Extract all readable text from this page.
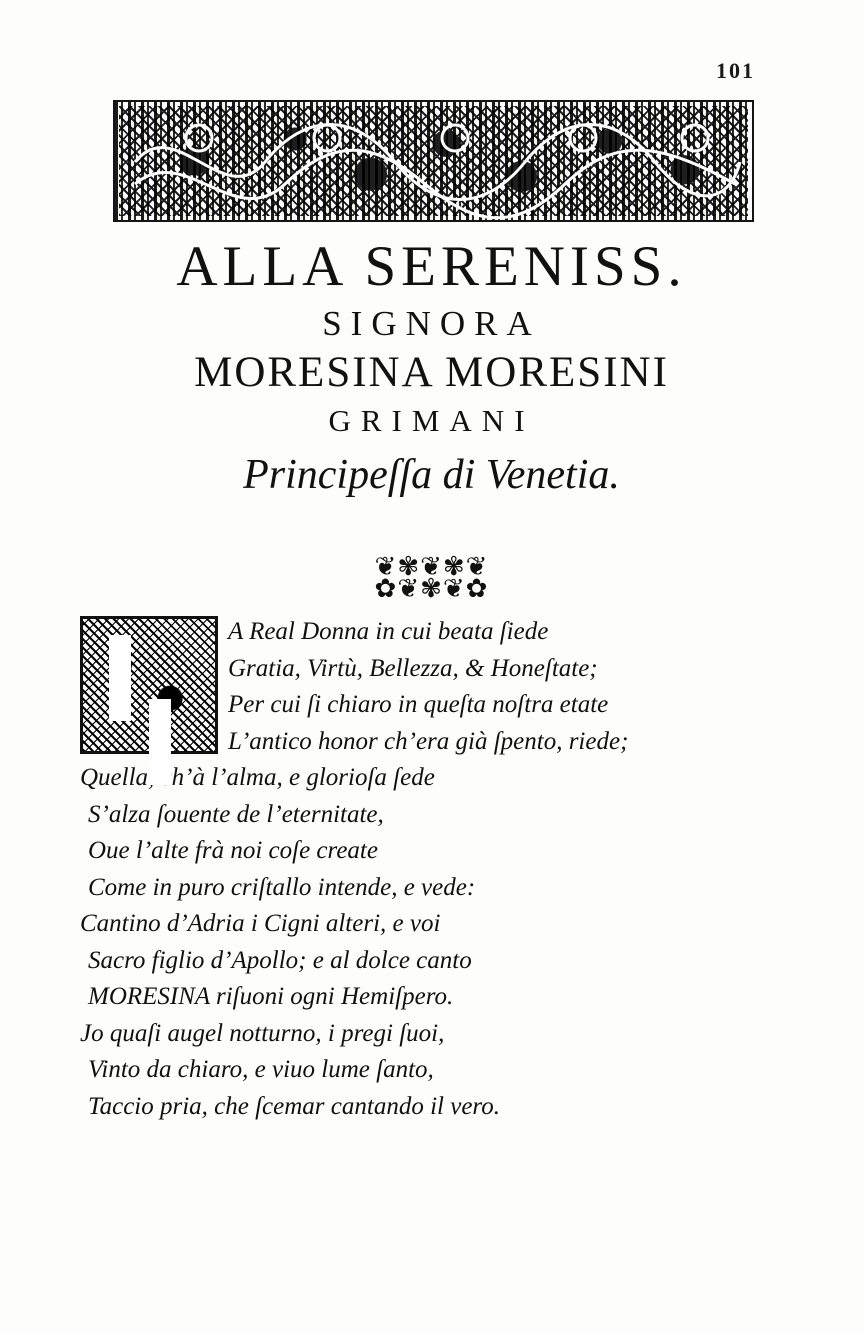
101
ALLA SERENISS.
SIGNORA
MORESINA MORESINI
GRIMANI
Principeſſa di Venetia.
❦✾❦✾❦
✿❦✾❦✿
A Real Donna in cui beata ſiede
Gratia, Virtù, Bellezza, & Honeſtate;
Per cui ſi chiaro in queſta noſtra etate
L’antico honor ch’era già ſpento, riede;
Quella, ch’à l’alma, e glorioſa ſede
S’alza ſouente de l’eternitate,
Oue l’alte frà noi coſe create
Come in puro criſtallo intende, e vede:
Cantino d’Adria i Cigni alteri, e voi
Sacro figlio d’Apollo; e al dolce canto
MORESINA riſuoni ogni Hemiſpero.
Jo quaſi augel notturno, i pregi ſuoi,
Vinto da chiaro, e viuo lume ſanto,
Taccio pria, che ſcemar cantando il vero.
